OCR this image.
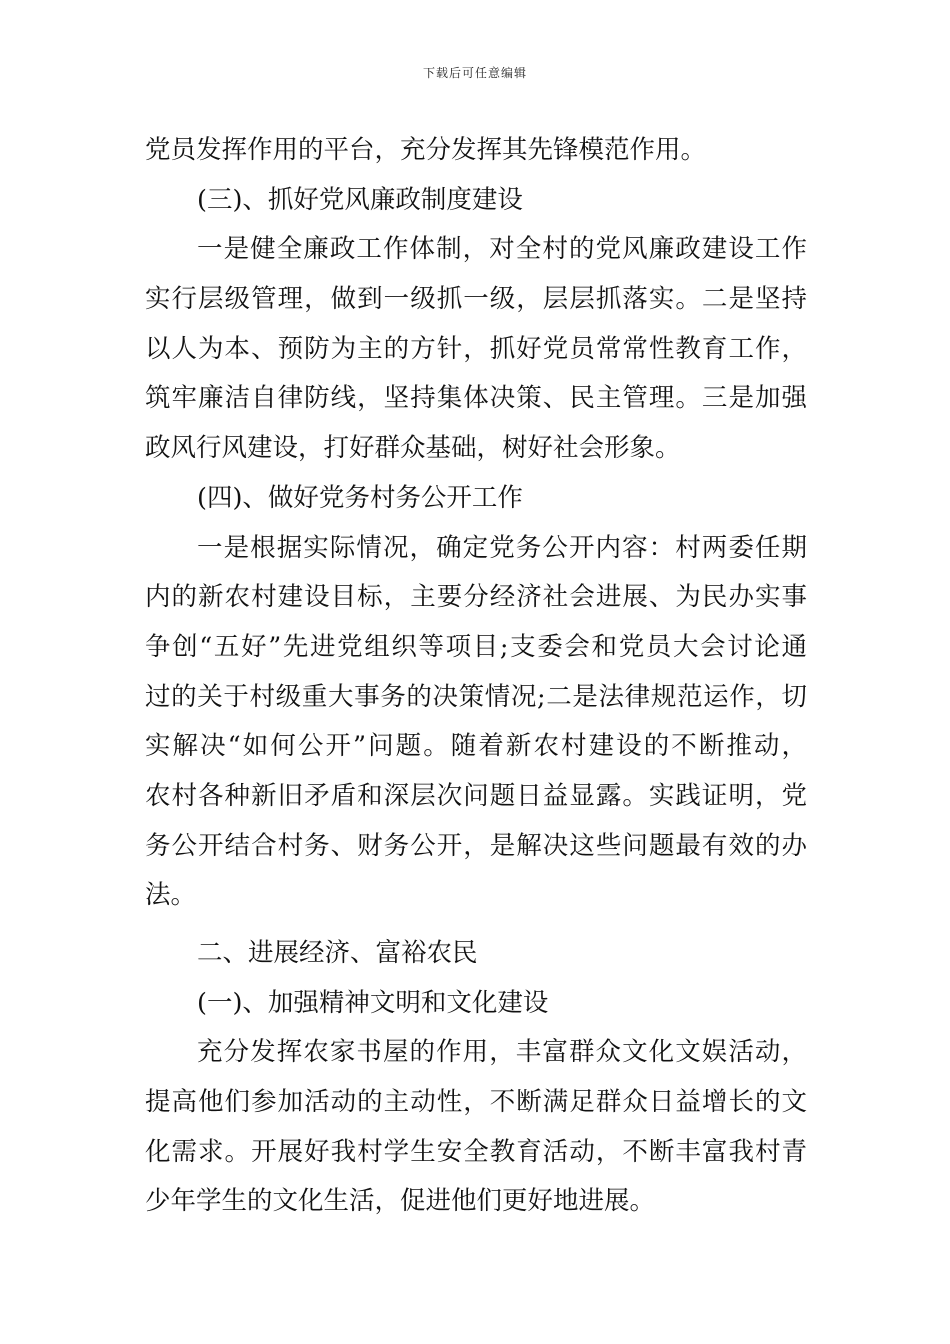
下载后可任意编辑
党员发挥作用的平台，充分发挥其先锋模范作用。
(三)、抓好党风廉政制度建设
一是健全廉政工作体制，对全村的党风廉政建设工作
实行层级管理，做到一级抓一级，层层抓落实。二是坚持
以人为本、预防为主的方针，抓好党员常常性教育工作，
筑牢廉洁自律防线，坚持集体决策、民主管理。三是加强
政风行风建设，打好群众基础，树好社会形象。
(四)、做好党务村务公开工作
一是根据实际情况，确定党务公开内容：村两委任期
内的新农村建设目标，主要分经济社会进展、为民办实事
争创“五好”先进党组织等项目;支委会和党员大会讨论通
过的关于村级重大事务的决策情况;二是法律规范运作，切
实解决“如何公开”问题。随着新农村建设的不断推动，
农村各种新旧矛盾和深层次问题日益显露。实践证明，党
务公开结合村务、财务公开，是解决这些问题最有效的办
法。
二、进展经济、富裕农民
(一)、加强精神文明和文化建设
充分发挥农家书屋的作用，丰富群众文化文娱活动，
提高他们参加活动的主动性，不断满足群众日益增长的文
化需求。开展好我村学生安全教育活动，不断丰富我村青
少年学生的文化生活，促进他们更好地进展。
